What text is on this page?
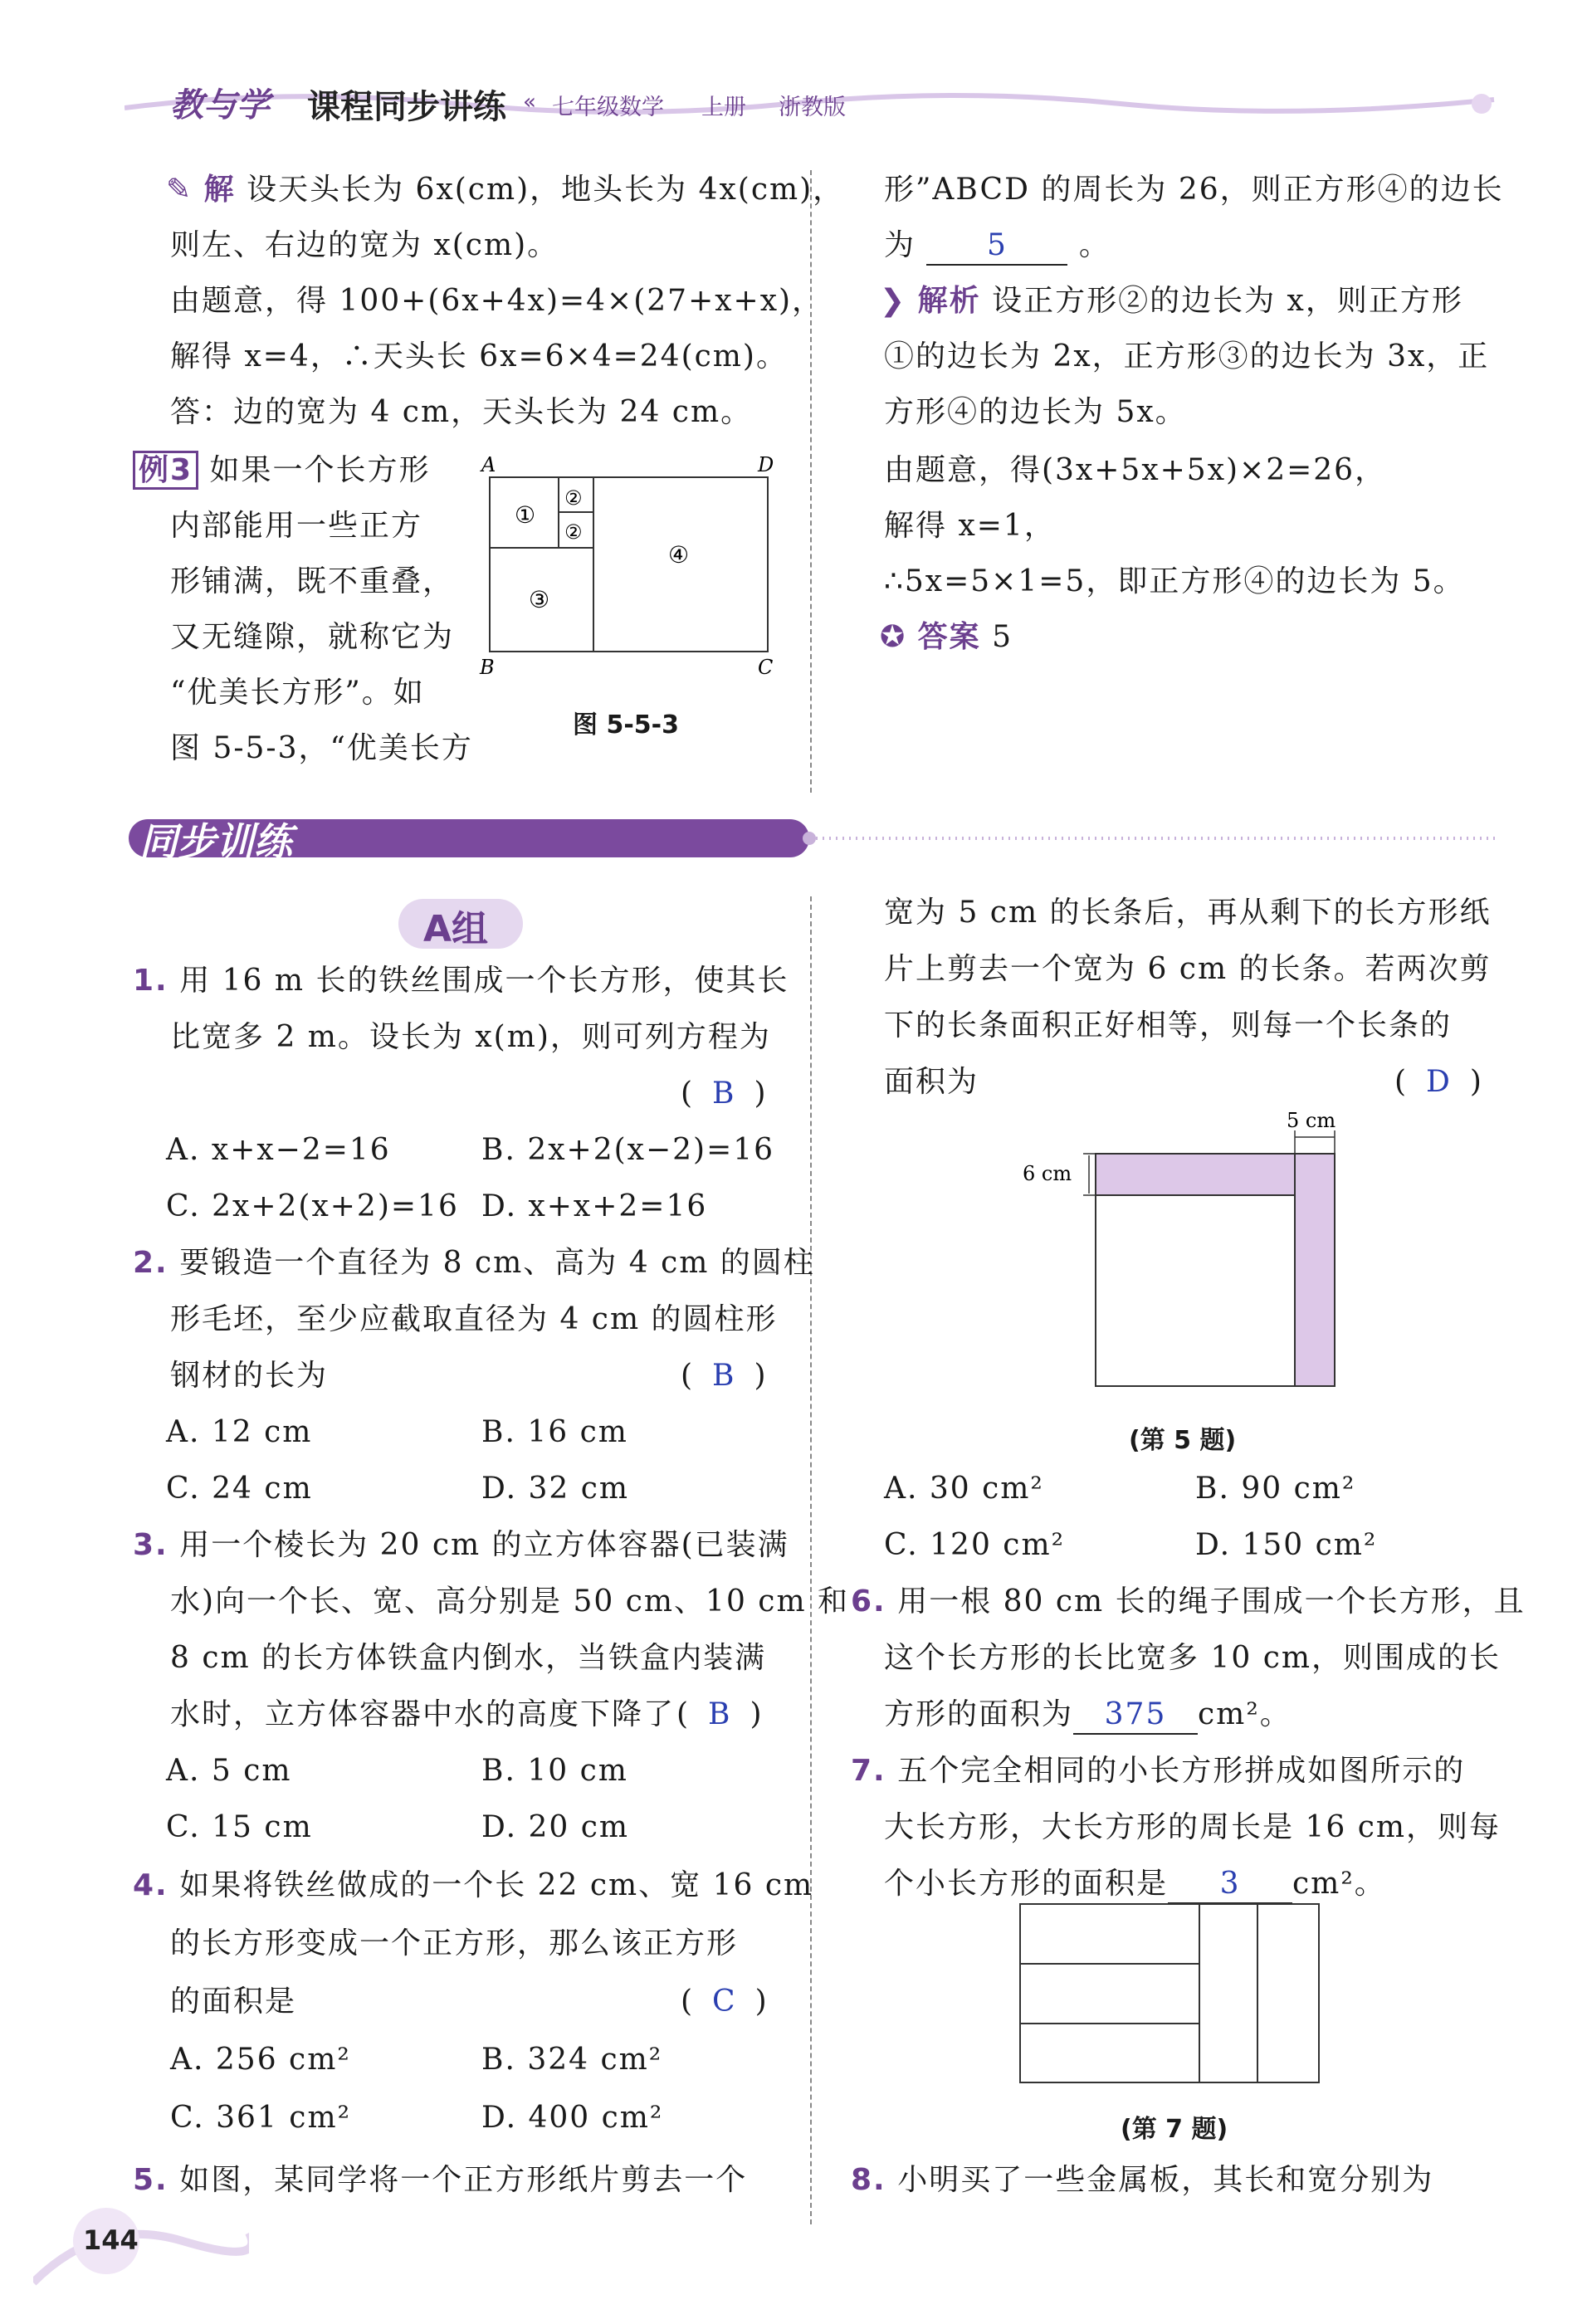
教与学 课程同步讲练 « 七年级数学 上册 浙教版
✎ 解 设天头长为 6x(cm)，地头长为 4x(cm)，
则左、右边的宽为 x(cm)。
由题意，得 100+(6x+4x)=4×(27+x+x)，
解得 x=4，∴天头长 6x=6×4=24(cm)。
答：边的宽为 4 cm，天头长为 24 cm。
例3 如果一个长方形
内部能用一些正方
形铺满，既不重叠，
又无缝隙，就称它为
“优美长方形”。如
图 5-5-3，“优美长方
A	D
B	C
①
②
②
③
④
图 5-5-3
形”ABCD 的周长为 26，则正方形④的边长
为 5 。
❯ 解析 设正方形②的边长为 x，则正方形
①的边长为 2x，正方形③的边长为 3x，正
方形④的边长为 5x。
由题意，得(3x+5x+5x)×2=26，
解得 x=1，
∴5x=5×1=5，即正方形④的边长为 5。
✪ 答案 5
同步训练
A组
1. 用 16 m 长的铁丝围成一个长方形，使其长
比宽多 2 m。设长为 x(m)，则可列方程为
( B )
A. x+x−2=16	B. 2x+2(x−2)=16
C. 2x+2(x+2)=16 D. x+x+2=16
2. 要锻造一个直径为 8 cm、高为 4 cm 的圆柱
形毛坯，至少应截取直径为 4 cm 的圆柱形
钢材的长为	( B )
A. 12 cm	B. 16 cm
C. 24 cm	D. 32 cm
3. 用一个棱长为 20 cm 的立方体容器(已装满
水)向一个长、宽、高分别是 50 cm、10 cm 和
8 cm 的长方体铁盒内倒水，当铁盒内装满
水时，立方体容器中水的高度下降了 ( B )
A. 5 cm	B. 10 cm
C. 15 cm	D. 20 cm
4. 如果将铁丝做成的一个长 22 cm、宽 16 cm
的长方形变成一个正方形，那么该正方形
的面积是	( C )
A. 256 cm²	B. 324 cm²
C. 361 cm²	D. 400 cm²
5. 如图，某同学将一个正方形纸片剪去一个
宽为 5 cm 的长条后，再从剩下的长方形纸
片上剪去一个宽为 6 cm 的长条。若两次剪
下的长条面积正好相等，则每一个长条的
面积为	( D )
5 cm
6 cm
(第 5 题)
A. 30 cm²	B. 90 cm²
C. 120 cm²	D. 150 cm²
6. 用一根 80 cm 长的绳子围成一个长方形，且
这个长方形的长比宽多 10 cm，则围成的长
方形的面积为 375 cm²。
7. 五个完全相同的小长方形拼成如图所示的
大长方形，大长方形的周长是 16 cm，则每
个小长方形的面积是 3 cm²。
(第 7 题)
8. 小明买了一些金属板，其长和宽分别为
144
